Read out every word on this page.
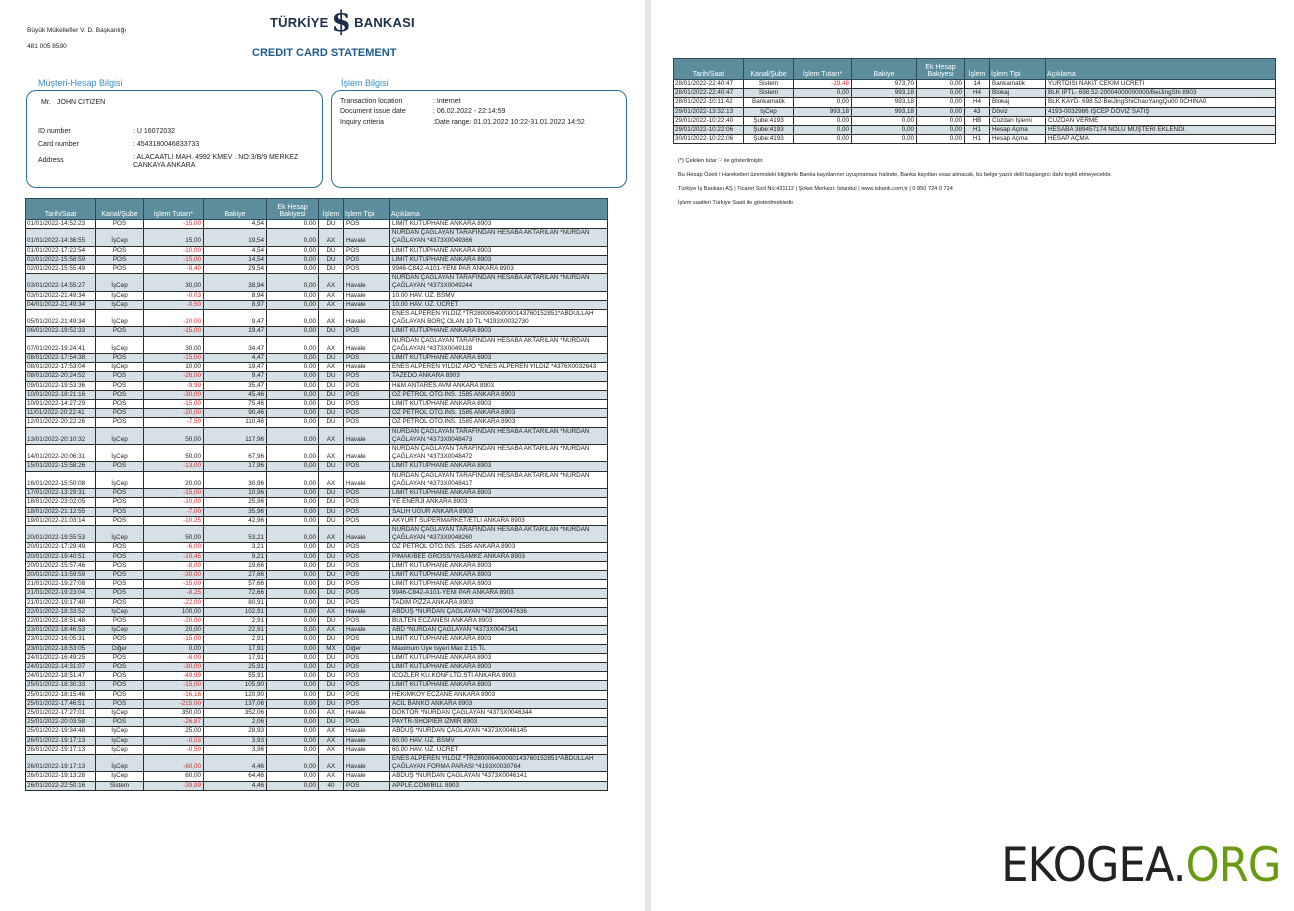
Büyük Mükellefler V. D. Başkanlığı
481 005 8590
TÜRKİYE $ BANKASI
CREDIT CARD STATEMENT
Müşteri-Hesap Bilgisi
Mr. JOHN CITIZEN
ID number	: U 16072032
Card number	: 4543180046833733
Address	: ALACAATLI MAH. 4992 KMEV . NO:3/B/9 MERKEZ CANKAYA ANKARA
İşlem Bilgisi
Transaction location	: Internet
Document issue date	: 06.02.2022 - 22:14:59
Inquiry criteria	:Date range: 01.01.2022 10:22-31.01.2022 14:52
Tarih/Saat	Kanal/Şube	İşlem Tutarı*	Bakiye	Ek Hesap Bakiyesi	İşlem	İşlem Tipi	Açıklama
01/01/2022-14:52:23	POS	-15,00	4,54	0,00	DU	POS	LIMIT KUTUPHANE ANKARA 8903
01/01/2022-14:36:55	İşCep	15,00	19,54	0,00	AX	Havale	NURDAN ÇAĞLAYAN TARAFINDAN HESABA AKTARILAN *NURDAN ÇAĞLAYAN *4373X0049366
01/01/2022-17:22:54	POS	-10,00	4,54	0,00	DU	POS	LIMIT KUTUPHANE ANKARA 8903
02/01/2022-15:58:59	POS	-15,00	14,54	0,00	DU	POS	LIMIT KUTUPHANE ANKARA 8903
02/01/2022-15:55:49	POS	-9,40	29,54	0,00	DU	POS	9946-C842-A101-YENI PAR ANKARA 8903
03/01/2022-14:55:27	İşCep	30,00	38,94	0,00	AX	Havale	NURDAN ÇAĞLAYAN TARAFINDAN HESABA AKTARILAN *NURDAN ÇAĞLAYAN *4373X0049244
03/01/2022-21:49:34	İşCep	-0,03	8,94	0,00	AX	Havale	10.00 HAV. ÜZ. BSMV
04/01/2022-21:49:34	İşCep	-0,50	8,97	0,00	AX	Havale	10.00 HAV. ÜZ. ÜCRET
05/01/2022-21:49:34	İşCep	-10,00	9,47	0,00	AX	Havale	ENES ALPEREN YILDIZ *TR280006400000143760152851*ABDULLAH ÇAĞLAYAN BORÇ OLAN 10 TL *4193X0032730
06/01/2022-19:52:33	POS	-15,00	19,47	0,00	DU	POS	LIMIT KUTUPHANE ANKARA 8903
07/01/2022-19:24:41	İşCep	30,00	34,47	0,00	AX	Havale	NURDAN ÇAĞLAYAN TARAFINDAN HESABA AKTARILAN *NURDAN ÇAĞLAYAN *4373X0049128
08/01/2022-17:54:38	POS	-15,00	4,47	0,00	DU	POS	LIMIT KUTUPHANE ANKARA 8903
08/01/2022-17:53:04	İşCep	10,00	19,47	0,00	AX	Havale	ENES ALPEREN YILDIZ APO *ENES ALPEREN YILDIZ *4376X0032643
08/01/2022-20:24:52	POS	-26,00	9,47	0,00	DU	POS	TAZEDO ANKARA 8903
09/01/2022-19:53:36	POS	-9,99	35,47	0,00	DU	POS	H&M ANTARES AVM ANKARA 8903
10/01/2022-18:21:16	POS	-30,00	45,46	0,00	DU	POS	OZ PETROL OTO.INS. 1585 ANKARA 8903
10/01/2022-14:27:29	POS	-15,00	75,46	0,00	DU	POS	LIMIT KUTUPHANE ANKARA 8903
11/01/2022-20:22:41	POS	-20,00	90,46	0,00	DU	POS	OZ PETROL OTO.INS. 1585 ANKARA 8903
12/01/2022-20:22:26	POS	-7,50	110,46	0,00	DU	POS	OZ PETROL OTO.INS. 1585 ANKARA 8903
13/01/2022-20:10:32	İşCep	50,00	117,96	0,00	AX	Havale	NURDAN ÇAĞLAYAN TARAFINDAN HESABA AKTARILAN *NURDAN ÇAĞLAYAN *4373X0048473
14/01/2022-20:06:31	İşCep	50,00	67,96	0,00	AX	Havale	NURDAN ÇAĞLAYAN TARAFINDAN HESABA AKTARILAN *NURDAN ÇAĞLAYAN *4373X0048472
15/01/2022-15:58:26	POS	-13,00	17,96	0,00	DU	POS	LIMIT KUTUPHANE ANKARA 8903
16/01/2022-15:50:08	İşCep	20,00	30,96	0,00	AX	Havale	NURDAN ÇAĞLAYAN TARAFINDAN HESABA AKTARILAN *NURDAN ÇAĞLAYAN *4373X0048417
17/01/2022-13:29:31	POS	-15,00	10,96	0,00	DU	POS	LIMIT KUTUPHANE ANKARA 8903
18/01/2022-23:02:05	POS	-10,00	25,96	0,00	DU	POS	YE ENERJI ANKARA 8903
18/01/2022-21:12:55	POS	-7,00	35,96	0,00	DU	POS	SALIH UGUR ANKARA 8903
19/01/2022-21:03:14	POS	-10,25	42,96	0,00	DU	POS	AKYURT SUPERMARKET/ETLI ANKARA 8903
20/01/2022-19:55:53	İşCep	50,00	53,21	0,00	AX	Havale	NURDAN ÇAĞLAYAN TARAFINDAN HESABA AKTARILAN *NURDAN ÇAĞLAYAN *4373X0048260
20/01/2022-17:29:49	POS	-6,00	3,21	0,00	DU	POS	OZ PETROL OTO.INS. 1585 ANKARA 8903
20/01/2022-19:40:51	POS	-10,45	9,21	0,00	DU	POS	PIMAK/BEE GROSS/YASAMKE ANKARA 8903
20/01/2022-15:57:46	POS	-8,00	19,66	0,00	DU	POS	LIMIT KUTUPHANE ANKARA 8903
20/01/2022-13:59:59	POS	-30,00	27,66	0,00	DU	POS	LIMIT KUTUPHANE ANKARA 8903
21/01/2022-19:27:08	POS	-15,00	57,66	0,00	DU	POS	LIMIT KUTUPHANE ANKARA 8903
21/01/2022-19:23:04	POS	-8,25	72,66	0,00	DU	POS	9946-C842-A101-YENI PAR ANKARA 8903
21/01/2022-19:17:48	POS	-22,00	80,91	0,00	DU	POS	TADIM PIZZA ANKARA 8903
22/01/2022-18:33:52	İşCep	100,00	102,91	0,00	AX	Havale	ABDUŞ *NURDAN ÇAĞLAYAN *4373X0047636
22/01/2022-18:51:48	POS	-20,00	2,91	0,00	DU	POS	BULTEN ECZANESI ANKARA 8903
23/01/2022-18:46:53	İşCep	20,00	22,91	0,00	AX	Havale	ABD *NURDAN ÇAĞLAYAN *4373X0047341
23/01/2022-16:05:31	POS	-15,00	2,91	0,00	DU	POS	LIMIT KUTUPHANE ANKARA 8903
23/01/2022-18:53:05	Diğer	0,00	17,91	0,00	MX	Diğer	Maximum Üye Isyeri Max 2.15 TL
24/01/2022-16:49:25	POS	-8,00	17,91	0,00	DU	POS	LIMIT KUTUPHANE ANKARA 8903
24/01/2022-14:31:07	POS	-30,00	25,91	0,00	DU	POS	LIMIT KUTUPHANE ANKARA 8903
24/01/2022-18:51:47	POS	-49,99	55,91	0,00	DU	POS	ICOZLER KU.KONF.LTD.STI ANKARA 8903
25/01/2022-18:30:33	POS	-15,00	105,90	0,00	DU	POS	LIMIT KUTUPHANE ANKARA 8903
25/01/2022-18:15:46	POS	-16,16	120,90	0,00	DU	POS	HEKIMKOY ECZANE ANKARA 8903
25/01/2022-17:46:51	POS	-215,00	137,06	0,00	DU	POS	ACIL BANKO ANKARA 8903
25/01/2022-17:27:01	İşCep	350,00	352,06	0,00	AX	Havale	DOKTOR *NURDAN ÇAĞLAYAN *4373X0046344
25/01/2022-20:03:58	POS	-26,87	2,06	0,00	DU	POS	PAYTR-SHOPIER IZMIR 8903
25/01/2022-19:34:48	İşCep	25,00	28,93	0,00	AX	Havale	ABDUŞ *NURDAN ÇAĞLAYAN *4373X0046145
26/01/2022-19:17:13	İşCep	-0,03	3,93	0,00	AX	Havale	60.00 HAV. ÜZ. BSMV
26/01/2022-19:17:13	İşCep	-0,50	3,96	0,00	AX	Havale	60.00 HAV. ÜZ. ÜCRET
26/01/2022-19:17:13	İşCep	-60,00	4,46	0,00	AX	Havale	ENES ALPEREN YILDIZ *TR280006400000143760152851*ABDULLAH ÇAĞLAYAN FORMA PARASI *4193X0030764
26/01/2022-19:13:28	İşCep	60,00	64,46	0,00	AX	Havale	ABDUŞ *NURDAN ÇAĞLAYAN *4373X0046141
26/01/2022-22:50:16	Sistem	-39,99	4,46	0,00	40	POS	APPLE.COM/BILL 8903
Tarih/Saat	Kanal/Şube	İşlem Tutarı*	Bakiye	Ek Hesap Bakiyesi	İşlem	İşlem Tipi	Açıklama
28/01/2022-22:40:47	Sistem	-19,48	973,70	0,00	14	Bankamatik	YURTDISI NAKIT CEKIM UCRETI
28/01/2022-22:40:47	Sistem	0,00	993,18	0,00	H4	Blokaj	BLK İPTL- 698.52-20004000000000/BeiJingShi 8903
28/01/2022-10:11:42	Bankamatik	0,00	993,18	0,00	H4	Blokaj	BLK KAYD- 698.52-BeiJingShiChaoYangQu00 0CHINA0
29/01/2022-13:32:13	İşCep	993,18	993,18	0,00	43	Döviz	4193-0032986 İŞCEP DÖVİZ SATIŞ
29/01/2022-10:22:40	Şube:4193	0,00	0,00	0,00	HB	Cüzdan İşlemi	CÜZDAN VERME
29/01/2022-10:22:06	Şube:4193	0,00	0,00	0,00	H1	Hesap Açma	HESABA 389457174 NOLU MÜŞTERİ EKLENDİ.
30/01/2022-10:22:06	Şube:4193	0,00	0,00	0,00	H1	Hesap Açma	HESAP AÇMA
(*) Çekilen tutar '-' ile gösterilmiştir.
Bu Hesap Özeti / Hareketleri üzerindeki bilgilerle Banka kayıtlarının uyuşmaması halinde, Banka kayıtları esas alınacak, bu belge yazılı delil başlangıcı dahi teşkil etmeyecektir.
Türkiye İş Bankası AŞ | Ticaret Sicil No:431112 | Şirket Merkezi: İstanbul | www.isbank.com.tr | 0 850 724 0 724
İşlem saatleri Türkiye Saati ile gösterilmektedir.
EKOGEA.ORG
